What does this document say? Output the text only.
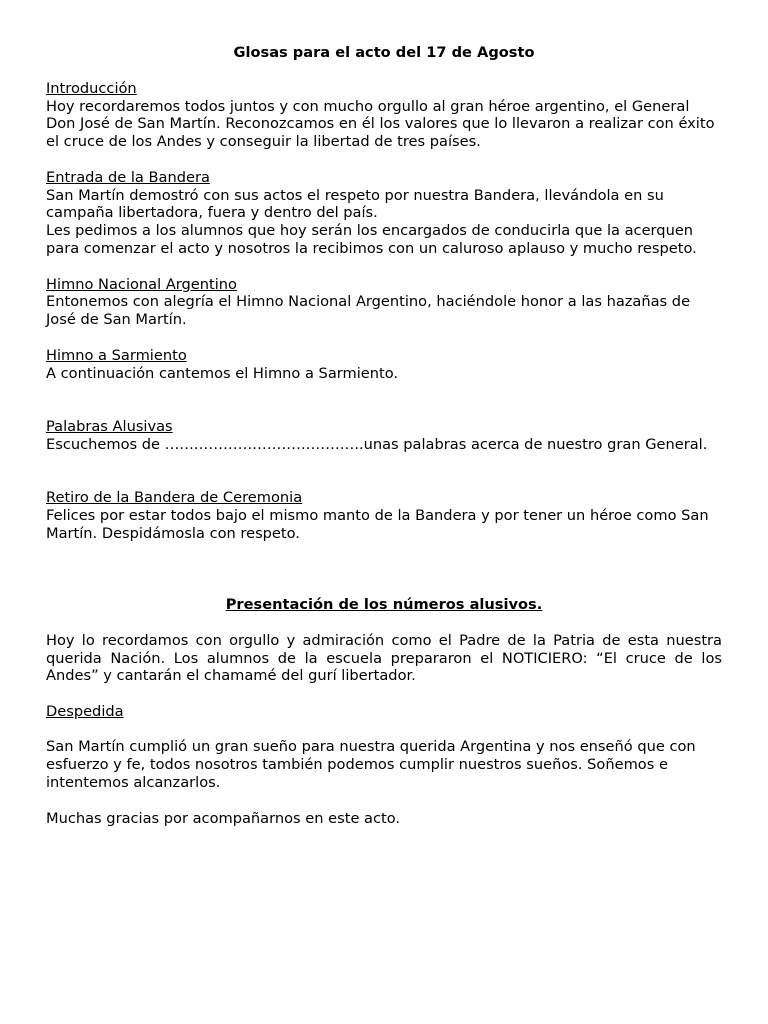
Glosas para el acto del 17 de Agosto
Introducción

Hoy recordaremos todos juntos y con mucho orgullo al gran héroe argentino, el General Don José de San Martín. Reconozcamos en él los valores que lo llevaron a realizar con éxito el cruce de los Andes y conseguir la libertad de tres países.

Entrada de la Bandera

San Martín demostró con sus actos el respeto por nuestra Bandera, llevándola en su campaña libertadora, fuera y dentro del país.

Les pedimos a los alumnos que hoy serán los encargados de conducirla que la acerquen para comenzar el acto y nosotros la recibimos con un caluroso aplauso y mucho respeto.

Himno Nacional Argentino

Entonemos con alegría el Himno Nacional Argentino, haciéndole honor a las hazañas de José de San Martín.

Himno a Sarmiento

A continuación cantemos el Himno a Sarmiento.

Palabras Alusivas

Escuchemos de …………………………………..unas palabras acerca de nuestro gran General.

Retiro de la Bandera de Ceremonia

Felices por estar todos bajo el mismo manto de la Bandera y por tener un héroe como San Martín. Despidámosla con respeto.

Presentación de los números alusivos.

Hoy lo recordamos con orgullo y admiración como el Padre de la Patria de esta nuestra querida Nación. Los alumnos de la escuela prepararon el NOTICIERO: “El cruce de los Andes” y cantarán el chamamé del gurí libertador.

Despedida

San Martín cumplió un gran sueño para nuestra querida Argentina y nos enseñó que con esfuerzo y fe, todos nosotros también podemos cumplir nuestros sueños. Soñemos e intentemos alcanzarlos.

Muchas gracias por acompañarnos en este acto.
